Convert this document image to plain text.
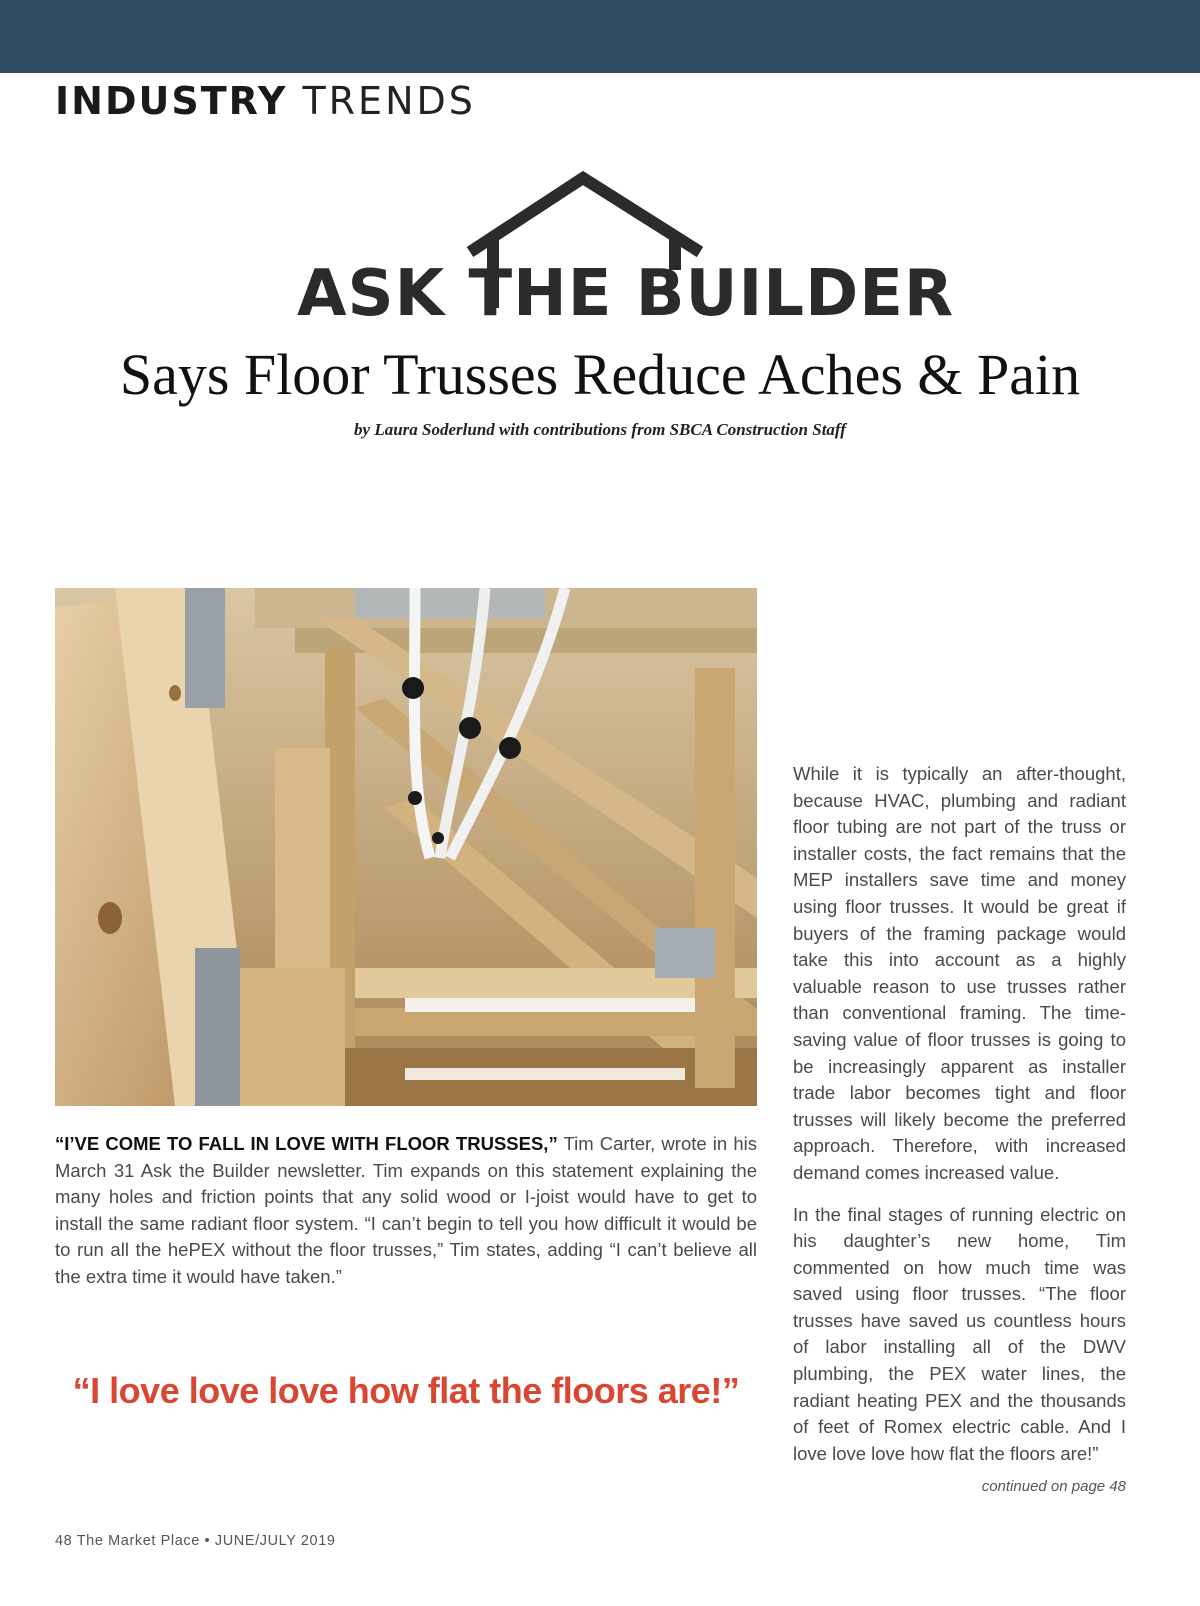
INDUSTRY TRENDS
ASK THE BUILDER
Says Floor Trusses Reduce Aches & Pain
by Laura Soderlund with contributions from SBCA Construction Staff
“I’VE COME TO FALL IN LOVE WITH FLOOR TRUSSES,” Tim Carter, wrote in his March 31 Ask the Builder newsletter. Tim expands on this statement explaining the many holes and friction points that any solid wood or I-joist would have to get to install the same radiant floor system. “I can’t begin to tell you how difficult it would be to run all the hePEX without the floor trusses,” Tim states, adding “I can’t believe all the extra time it would have taken.”
“I love love love how flat the floors are!”

While it is typically an after-thought, because HVAC, plumbing and radiant floor tubing are not part of the truss or installer costs, the fact remains that the MEP installers save time and money using floor trusses. It would be great if buyers of the framing package would take this into account as a highly valuable reason to use trusses rather than conventional framing. The time-saving value of floor trusses is going to be increasingly apparent as installer trade labor becomes tight and floor trusses will likely become the preferred approach. Therefore, with increased demand comes increased value.

In the final stages of running electric on his daughter’s new home, Tim commented on how much time was saved using floor trusses. “The floor trusses have saved us countless hours of labor installing all of the DWV plumbing, the PEX water lines, the radiant heating PEX and the thousands of feet of Romex electric cable. And I love love love how flat the floors are!”

continued on page 48
48 The Market Place • JUNE/JULY 2019
